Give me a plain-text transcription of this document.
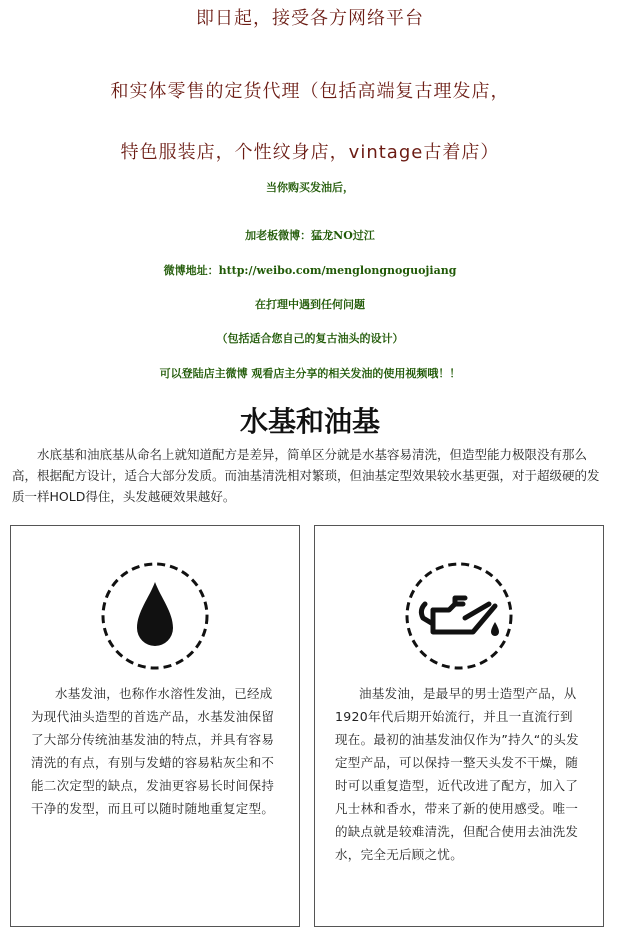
即日起，接受各方网络平台
和实体零售的定货代理（包括高端复古理发店，
特色服装店，个性纹身店，vintage古着店）
当你购买发油后，
加老板微博：猛龙NO过江
微博地址：http://weibo.com/menglongnoguojiang
在打理中遇到任何问题
（包括适合您自己的复古油头的设计）
可以登陆店主微博 观看店主分享的相关发油的使用视频哦！！
水基和油基
水底基和油底基从命名上就知道配方是差异，简单区分就是水基容易清洗，但造型能力极限没有那么高，根据配方设计，适合大部分发质。而油基清洗相对繁琐，但油基定型效果较水基更强，对于超级硬的发质一样HOLD得住，头发越硬效果越好。
水基发油，也称作水溶性发油，已经成为现代油头造型的首选产品，水基发油保留了大部分传统油基发油的特点，并具有容易清洗的有点，有别与发蜡的容易粘灰尘和不能二次定型的缺点，发油更容易长时间保持干净的发型，而且可以随时随地重复定型。
油基发油，是最早的男士造型产品，从1920年代后期开始流行，并且一直流行到现在。最初的油基发油仅作为”持久“的头发定型产品，可以保持一整天头发不干燥，随时可以重复造型，近代改进了配方，加入了凡士林和香水，带来了新的使用感受。唯一的缺点就是较难清洗，但配合使用去油洗发水，完全无后顾之忧。
